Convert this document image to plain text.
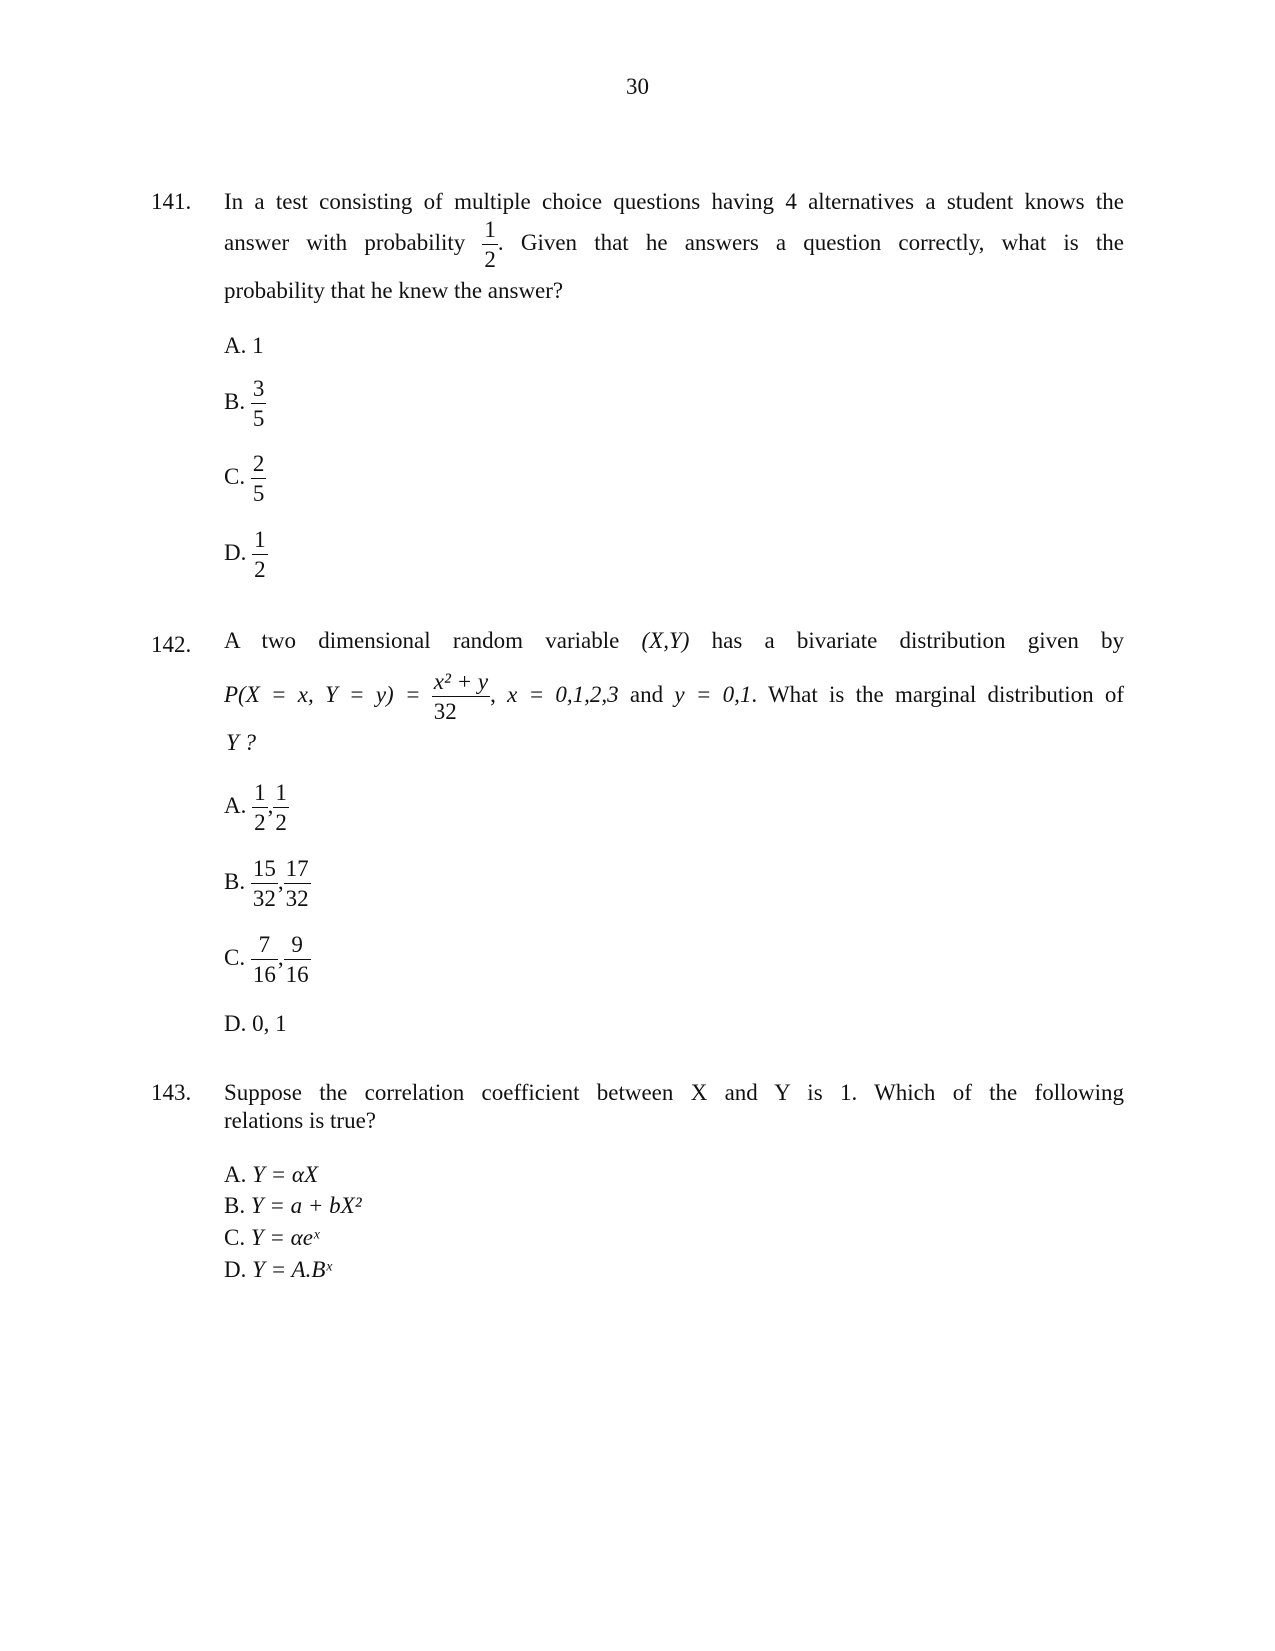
30
141. In a test consisting of multiple choice questions having 4 alternatives a student knows the
answer with probability $\frac{1}{2}$ . Given that he answers a question correctly, what is the
probability that he knew the answer?
A. 1
B. $\frac{3}{5}$
C. $\frac{2}{5}$
D. $\frac{1}{2}$
142. A two dimensional random variable (X,Y) has a bivariate distribution given by
P(X = x, $Y = y) = \frac{\text{x² + y}}{32}$ , x = 0,1,2,3 and y = 0,1. What is the marginal distribution of
Y ?
A. $\frac{1}{2}$ , $\frac{1}{2}$
B. $\frac{15}{32}$ , $\frac{17}{32}$
C. $\frac{7}{16}$ , $\frac{9}{16}$
D. 0, 1
143. Suppose the correlation coefficient between X and Y is 1. Which of the following
relations is true?
A. Y = αX
B. Y = a + bX²
C. Y = αeˣ
D. Y = A.Bˣ
